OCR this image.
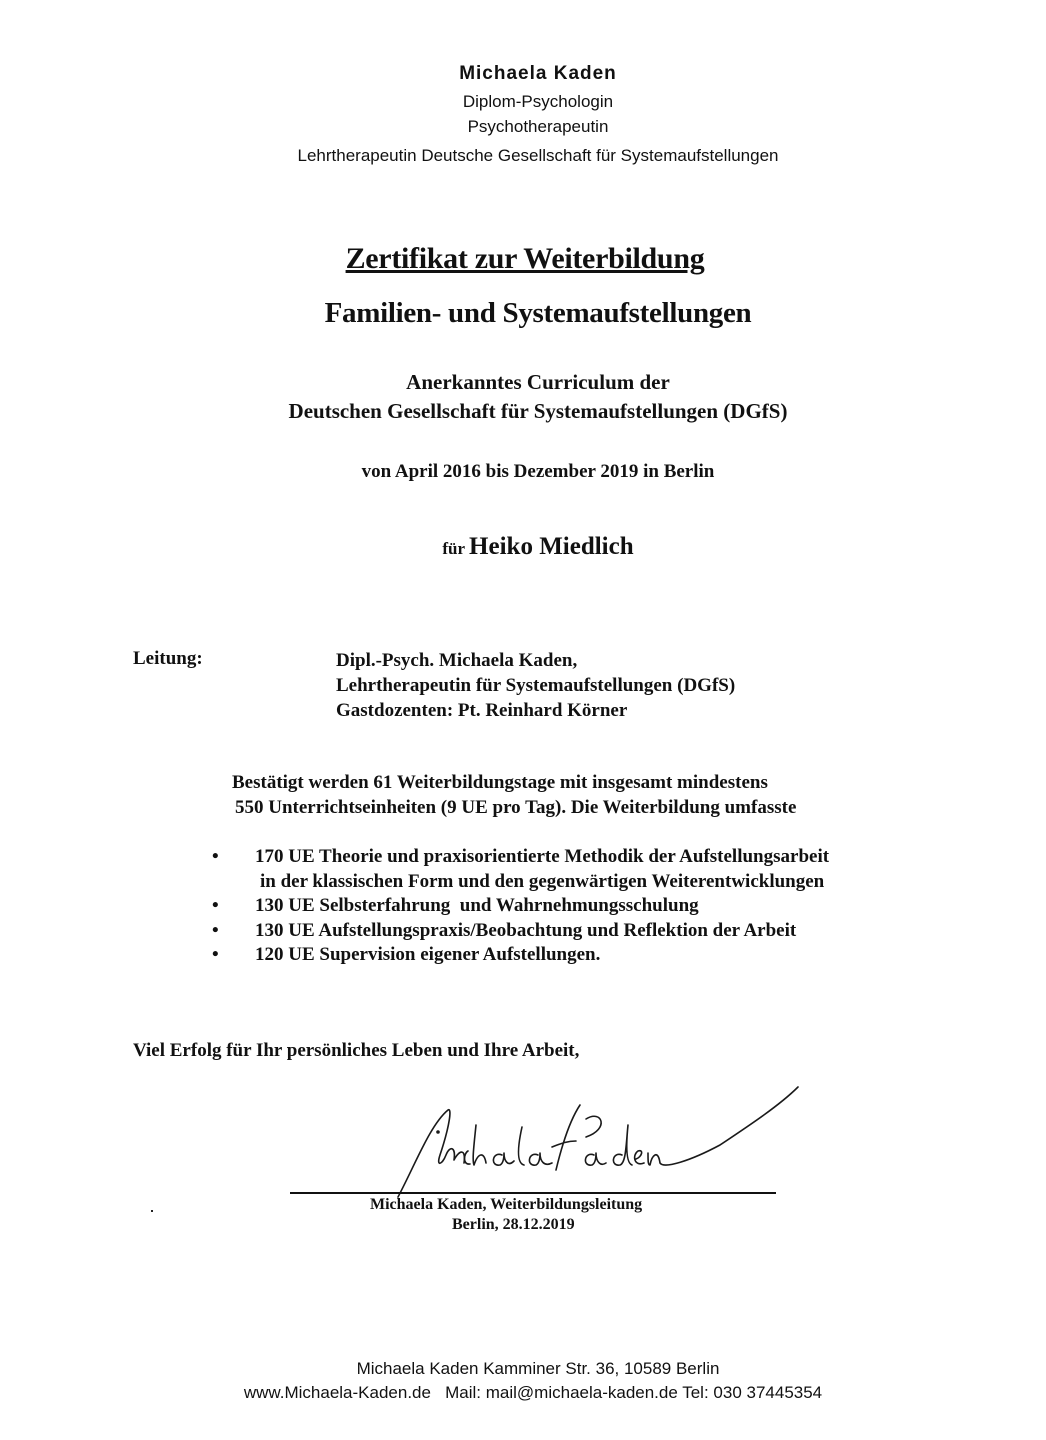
Michaela Kaden
Diplom-Psychologin
Psychotherapeutin
Lehrtherapeutin Deutsche Gesellschaft für Systemaufstellungen
Zertifikat zur Weiterbildung
Familien- und Systemaufstellungen
Anerkanntes Curriculum der
Deutschen Gesellschaft für Systemaufstellungen (DGfS)
von April 2016 bis Dezember 2019 in Berlin
für Heiko Miedlich
Leitung:	Dipl.-Psych. Michaela Kaden,
Lehrtherapeutin für Systemaufstellungen (DGfS)
Gastdozenten: Pt. Reinhard Körner
Bestätigt werden 61 Weiterbildungstage mit insgesamt mindestens
550 Unterrichtseinheiten (9 UE pro Tag). Die Weiterbildung umfasste
•	170 UE Theorie und praxisorientierte Methodik der Aufstellungsarbeit
in der klassischen Form und den gegenwärtigen Weiterentwicklungen
•	130 UE Selbsterfahrung  und Wahrnehmungsschulung
•	130 UE Aufstellungspraxis/Beobachtung und Reflektion der Arbeit
•	120 UE Supervision eigener Aufstellungen.
Viel Erfolg für Ihr persönliches Leben und Ihre Arbeit,
Michaela Kaden, Weiterbildungsleitung
Berlin, 28.12.2019
Michaela Kaden Kamminer Str. 36, 10589 Berlin
www.Michaela-Kaden.de   Mail: mail@michaela-kaden.de Tel: 030 37445354
